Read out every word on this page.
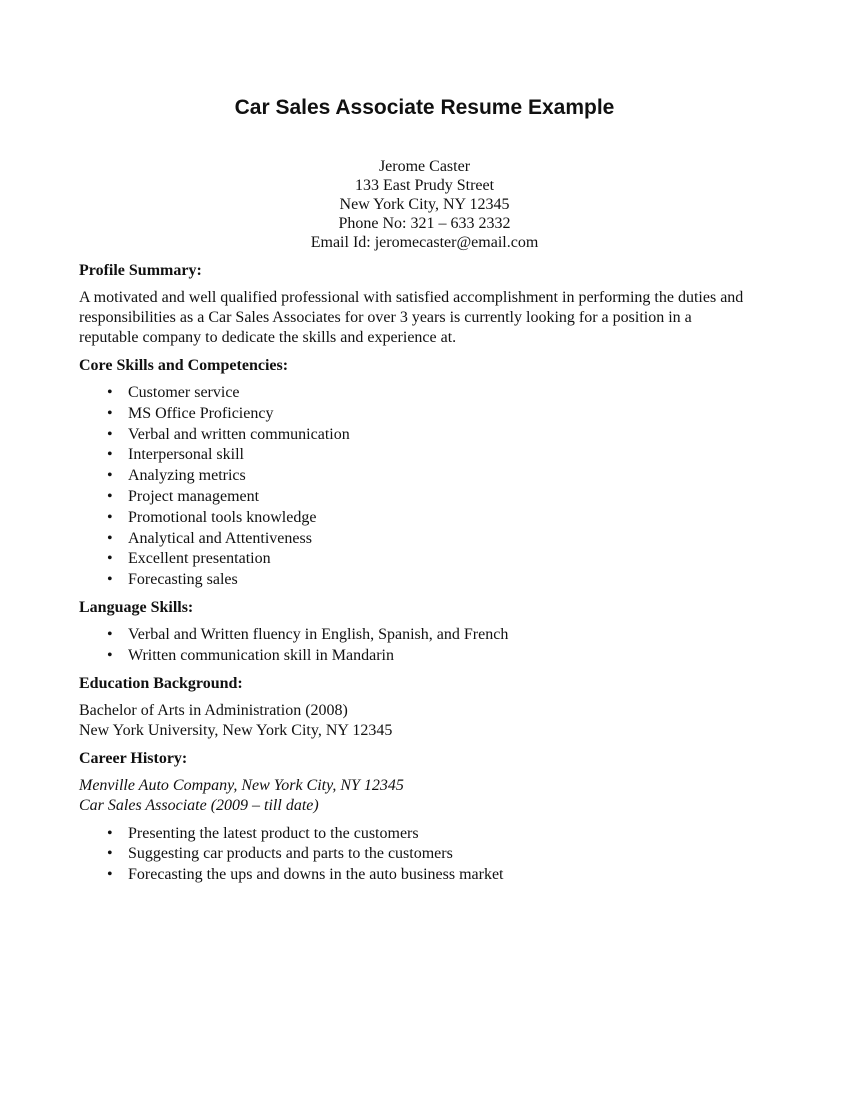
Car Sales Associate Resume Example
Jerome Caster
133 East Prudy Street
New York City, NY 12345
Phone No: 321 – 633 2332
Email Id: jeromecaster@email.com
Profile Summary:
A motivated and well qualified professional with satisfied accomplishment in performing the duties and
responsibilities as a Car Sales Associates for over 3 years is currently looking for a position in a
reputable company to dedicate the skills and experience at.
Core Skills and Competencies:
• Customer service
• MS Office Proficiency
• Verbal and written communication
• Interpersonal skill
• Analyzing metrics
• Project management
• Promotional tools knowledge
• Analytical and Attentiveness
• Excellent presentation
• Forecasting sales
Language Skills:
• Verbal and Written fluency in English, Spanish, and French
• Written communication skill in Mandarin
Education Background:
Bachelor of Arts in Administration (2008)
New York University, New York City, NY 12345
Career History:
Menville Auto Company, New York City, NY 12345
Car Sales Associate (2009 – till date)
• Presenting the latest product to the customers
• Suggesting car products and parts to the customers
• Forecasting the ups and downs in the auto business market
